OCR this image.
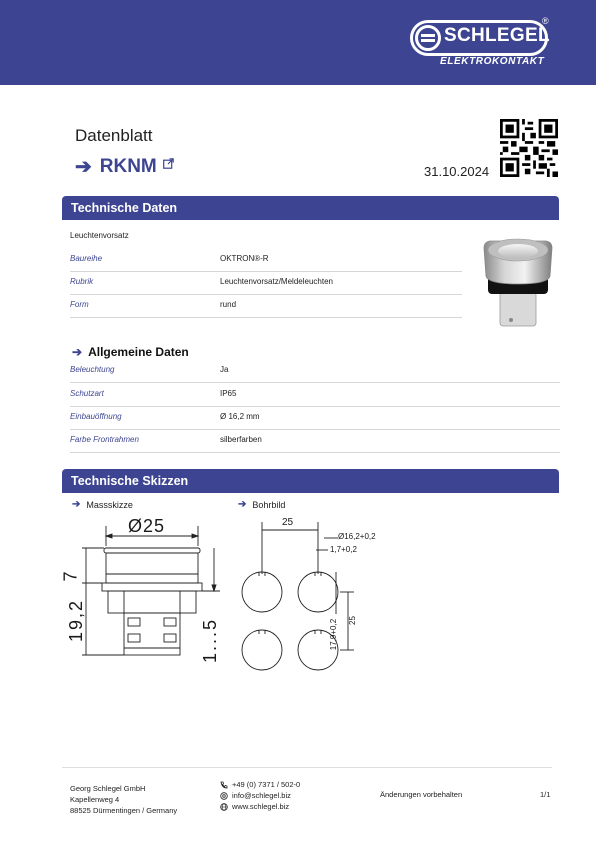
SCHLEGEL
®
ELEKTROKONTAKT
Datenblatt
➔ RKNM	31.10.2024
Technische Daten
Leuchtenvorsatz
Baureihe	OKTRON®-R
Rubrik	Leuchtenvorsatz/Meldeleuchten
Form	rund
➔ Allgemeine Daten
Beleuchtung	Ja
Schutzart	IP65
Einbauöffnung	Ø 16,2 mm
Farbe Frontrahmen	silberfarben
Technische Skizzen
➔ Massskizze	➔ Bohrbild
Ø25
7
19,2	1...5
25
Ø16,2+0,2
1,7+0,2
17,9+0,2 25
Georg Schlegel GmbH
Kapellenweg 4
88525 Dürmentingen / Germany
+49 (0) 7371 / 502-0
info@schlegel.biz
www.schlegel.biz
Änderungen vorbehalten	1/1
